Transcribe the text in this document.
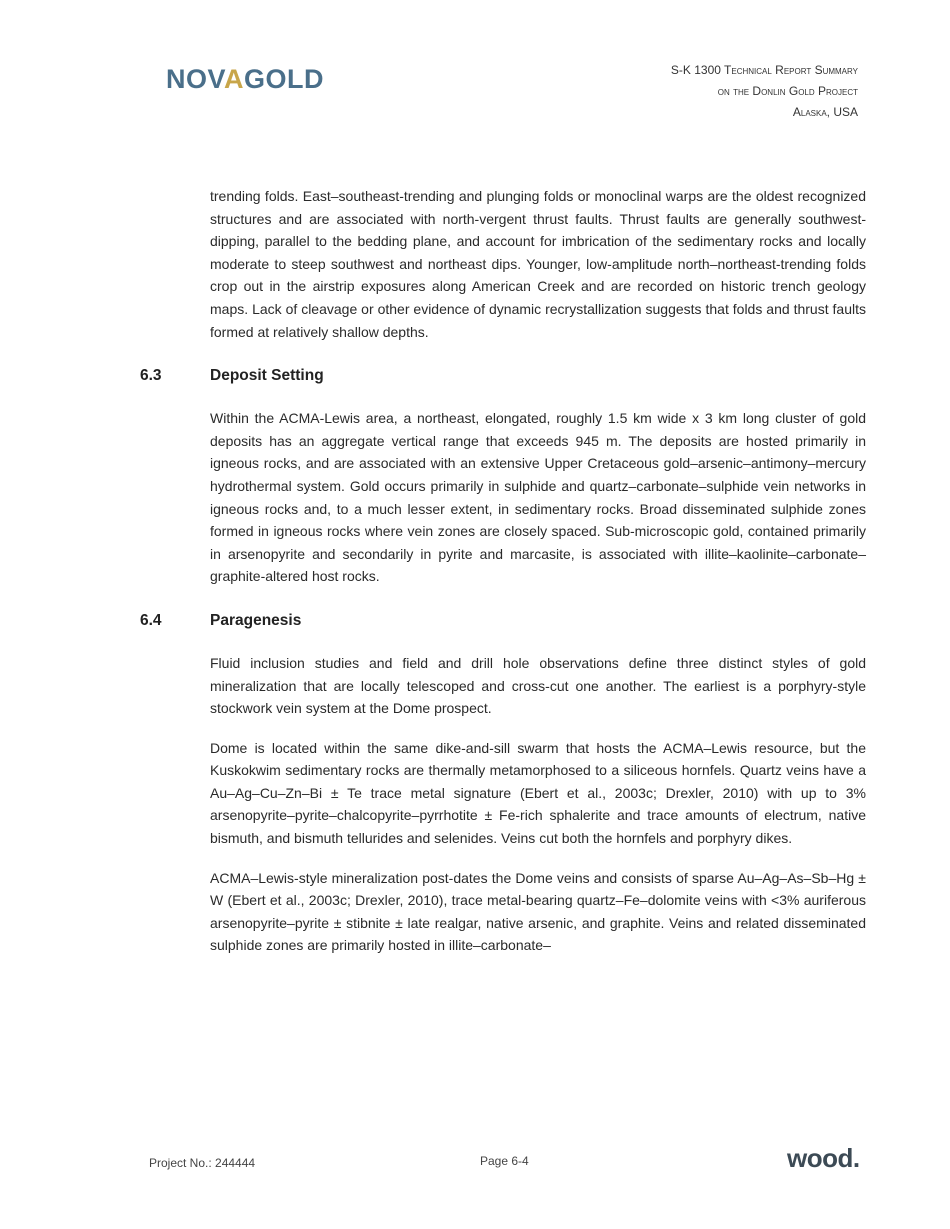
NOVAGOLD	S-K 1300 Technical Report Summary
on the Donlin Gold Project
Alaska, USA

trending folds. East–southeast-trending and plunging folds or monoclinal warps are the oldest recognized structures and are associated with north-vergent thrust faults. Thrust faults are generally southwest-dipping, parallel to the bedding plane, and account for imbrication of the sedimentary rocks and locally moderate to steep southwest and northeast dips. Younger, low-amplitude north–northeast-trending folds crop out in the airstrip exposures along American Creek and are recorded on historic trench geology maps. Lack of cleavage or other evidence of dynamic recrystallization suggests that folds and thrust faults formed at relatively shallow depths.

6.3	Deposit Setting

Within the ACMA-Lewis area, a northeast, elongated, roughly 1.5 km wide x 3 km long cluster of gold deposits has an aggregate vertical range that exceeds 945 m. The deposits are hosted primarily in igneous rocks, and are associated with an extensive Upper Cretaceous gold–arsenic–antimony–mercury hydrothermal system. Gold occurs primarily in sulphide and quartz–carbonate–sulphide vein networks in igneous rocks and, to a much lesser extent, in sedimentary rocks. Broad disseminated sulphide zones formed in igneous rocks where vein zones are closely spaced. Sub-microscopic gold, contained primarily in arsenopyrite and secondarily in pyrite and marcasite, is associated with illite–kaolinite–carbonate–graphite-altered host rocks.

6.4	Paragenesis

Fluid inclusion studies and field and drill hole observations define three distinct styles of gold mineralization that are locally telescoped and cross-cut one another. The earliest is a porphyry-style stockwork vein system at the Dome prospect.

Dome is located within the same dike-and-sill swarm that hosts the ACMA–Lewis resource, but the Kuskokwim sedimentary rocks are thermally metamorphosed to a siliceous hornfels. Quartz veins have a Au–Ag–Cu–Zn–Bi ± Te trace metal signature (Ebert et al., 2003c; Drexler, 2010) with up to 3% arsenopyrite–pyrite–chalcopyrite–pyrrhotite ± Fe-rich sphalerite and trace amounts of electrum, native bismuth, and bismuth tellurides and selenides. Veins cut both the hornfels and porphyry dikes.

ACMA–Lewis-style mineralization post-dates the Dome veins and consists of sparse Au–Ag–As–Sb–Hg ± W (Ebert et al., 2003c; Drexler, 2010), trace metal-bearing quartz–Fe–dolomite veins with <3% auriferous arsenopyrite–pyrite ± stibnite ± late realgar, native arsenic, and graphite. Veins and related disseminated sulphide zones are primarily hosted in illite–carbonate–

Project No.: 244444	Page 6-4	wood.
